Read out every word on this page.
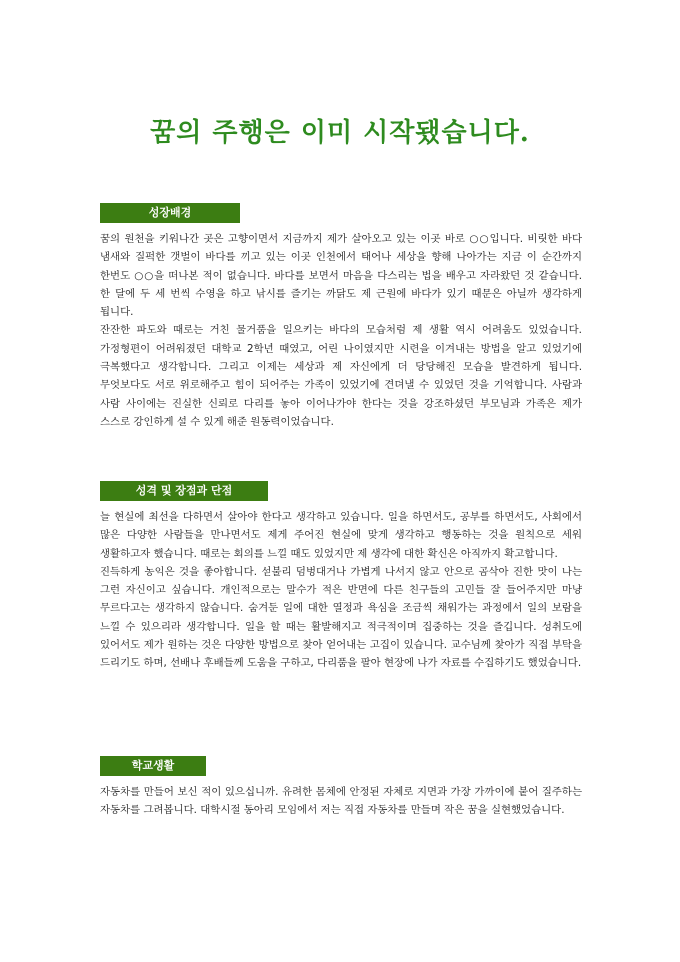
꿈의 주행은 이미 시작됐습니다.
성장배경

꿈의 원천을 키워나간 곳은 고향이면서 지금까지 제가 살아오고 있는 이곳 바로 ○○입니다. 비릿한 바다 냄새와 질퍽한 갯벌이 바다를 끼고 있는 이곳 인천에서 태어나 세상을 향해 나아가는 지금 이 순간까지 한번도 ○○을 떠나본 적이 없습니다. 바다를 보면서 마음을 다스리는 법을 배우고 자라왔던 것 같습니다. 한 달에 두 세 번씩 수영을 하고 낚시를 즐기는 까닭도 제 근원에 바다가 있기 때문은 아닐까 생각하게 됩니다.

잔잔한 파도와 때로는 거친 물거품을 일으키는 바다의 모습처럼 제 생활 역시 어려움도 있었습니다. 가정형편이 어려워졌던 대학교 2학년 때였고, 어린 나이였지만 시련을 이겨내는 방법을 알고 있었기에 극복했다고 생각합니다. 그리고 이제는 세상과 제 자신에게 더 당당해진 모습을 발견하게 됩니다. 무엇보다도 서로 위로해주고 힘이 되어주는 가족이 있었기에 견뎌낼 수 있었던 것을 기억합니다. 사람과 사람 사이에는 진실한 신뢰로 다리를 놓아 이어나가야 한다는 것을 강조하셨던 부모님과 가족은 제가 스스로 강인하게 설 수 있게 해준 원동력이었습니다.

성격 및 장점과 단점

늘 현실에 최선을 다하면서 살아야 한다고 생각하고 있습니다. 일을 하면서도, 공부를 하면서도, 사회에서 많은 다양한 사람들을 만나면서도 제게 주어진 현실에 맞게 생각하고 행동하는 것을 원칙으로 세워 생활하고자 했습니다. 때로는 회의를 느낄 때도 있었지만 제 생각에 대한 확신은 아직까지 확고합니다.

진득하게 농익은 것을 좋아합니다. 섣불리 덤벙대거나 가볍게 나서지 않고 안으로 곰삭아 진한 맛이 나는 그런 자신이고 싶습니다. 개인적으로는 말수가 적은 반면에 다른 친구들의 고민들 잘 들어주지만 마냥 무르다고는 생각하지 않습니다. 숨겨둔 일에 대한 열정과 욕심을 조금씩 채워가는 과정에서 일의 보람을 느낄 수 있으리라 생각합니다. 일을 할 때는 활발해지고 적극적이며 집중하는 것을 즐깁니다. 성취도에 있어서도 제가 원하는 것은 다양한 방법으로 찾아 얻어내는 고집이 있습니다. 교수님께 찾아가 직접 부탁을 드리기도 하며, 선배나 후배들께 도움을 구하고, 다리품을 팔아 현장에 나가 자료를 수집하기도 했었습니다.

학교생활

자동차를 만들어 보신 적이 있으십니까. 유려한 몸체에 안정된 자체로 지면과 가장 가까이에 붙어 질주하는 자동차를 그려봅니다. 대학시절 동아리 모임에서 저는 직접 자동차를 만들며 작은 꿈을 실현했었습니다.
